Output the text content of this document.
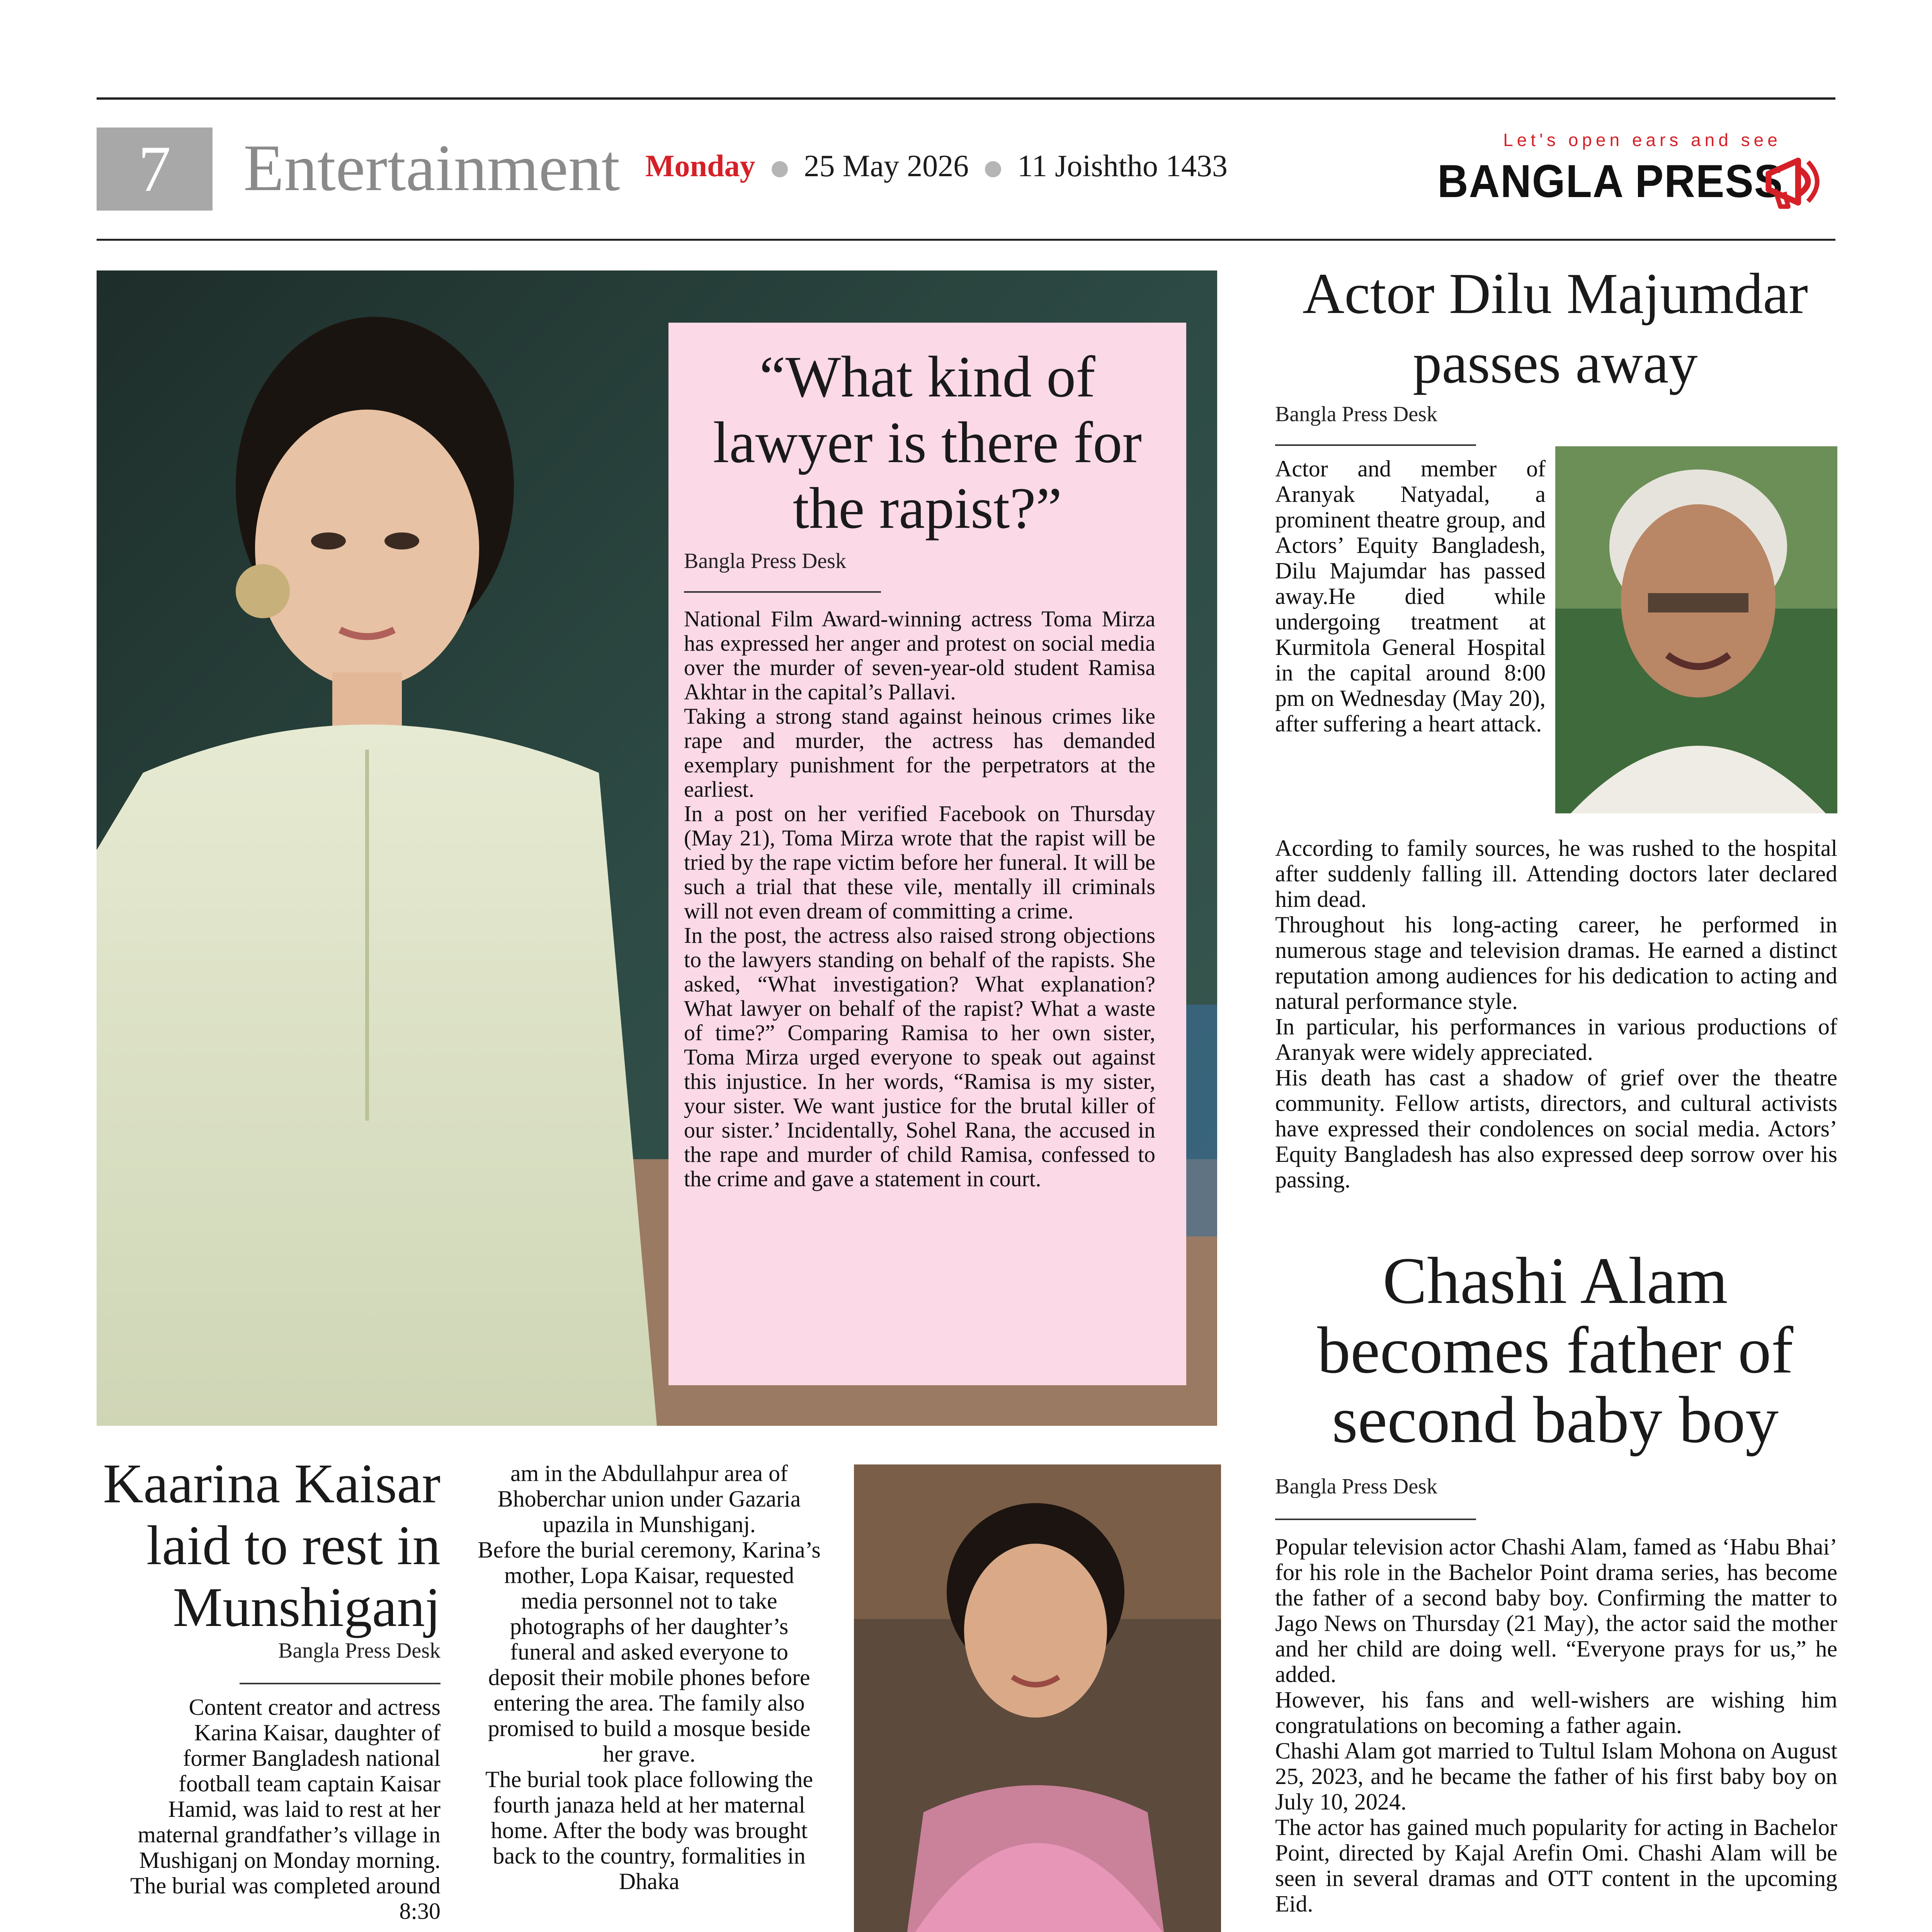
7	Entertainment Monday 25 May 2026 11 Joishtho 1433
Let's open ears and see
BANGLA PRESS
“What kind of lawyer is there for the rapist?”
Bangla Press Desk

National Film Award-winning actress Toma Mirza has expressed her anger and protest on social media over the murder of seven-year-old student Ramisa Akhtar in the capital’s Pallavi.

Taking a strong stand against heinous crimes like rape and murder, the actress has demanded exemplary punishment for the perpetrators at the earliest.

In a post on her verified Facebook on Thursday (May 21), Toma Mirza wrote that the rapist will be tried by the rape victim before her funeral. It will be such a trial that these vile, mentally ill criminals will not even dream of committing a crime.

In the post, the actress also raised strong objections to the lawyers standing on behalf of the rapists. She asked, “What investigation? What explanation? What lawyer on behalf of the rapist? What a waste of time?” Comparing Ramisa to her own sister, Toma Mirza urged everyone to speak out against this injustice. In her words, “Ramisa is my sister, your sister. We want justice for the brutal killer of our sister.’ Incidentally, Sohel Rana, the accused in the rape and murder of child Ramisa, confessed to the crime and gave a statement in court.

Actor Dilu Majumdar passes away
Bangla Press Desk
Actor and member of Aranyak Natyadal, a prominent theatre group, and Actors’ Equity Bangladesh, Dilu Majumdar has passed away.He died while undergoing treatment at Kurmitola General Hospital in the capital around 8:00 pm on Wednesday (May 20), after suffering a heart attack.

According to family sources, he was rushed to the hospital after suddenly falling ill. Attending doctors later declared him dead.

Throughout his long-acting career, he performed in numerous stage and television dramas. He earned a distinct reputation among audiences for his dedication to acting and natural performance style.

In particular, his performances in various productions of Aranyak were widely appreciated.

His death has cast a shadow of grief over the theatre community. Fellow artists, directors, and cultural activists have expressed their condolences on social media. Actors’ Equity Bangladesh has also expressed deep sorrow over his passing.

Chashi Alam becomes father of second baby boy
Bangla Press Desk

Popular television actor Chashi Alam, famed as ‘Habu Bhai’ for his role in the Bachelor Point drama series, has become the father of a second baby boy. Confirming the matter to Jago News on Thursday (21 May), the actor said the mother and her child are doing well. “Everyone prays for us,” he added.

However, his fans and well-wishers are wishing him congratulations on becoming a father again.

Chashi Alam got married to Tultul Islam Mohona on August 25, 2023, and he became the father of his first baby boy on July 10, 2024.

The actor has gained much popularity for acting in Bachelor Point, directed by Kajal Arefin Omi. Chashi Alam will be seen in several dramas and OTT content in the upcoming Eid.

Kaarina Kaisar laid to rest in Munshiganj
Bangla Press Desk
Content creator and actress Karina Kaisar, daughter of former Bangladesh national football team captain Kaisar Hamid, was laid to rest at her maternal grandfather’s village in Mushiganj on Monday morning. The burial was completed around 8:30

am in the Abdullahpur area of Bhoberchar union under Gazaria upazila in Munshiganj.

Before the burial ceremony, Karina’s mother, Lopa Kaisar, requested media personnel not to take photographs of her daughter’s funeral and asked everyone to deposit their mobile phones before entering the area. The family also promised to build a mosque beside her grave.

The burial took place following the fourth janaza held at her maternal home. After the body was brought back to the country, formalities in Dhaka
